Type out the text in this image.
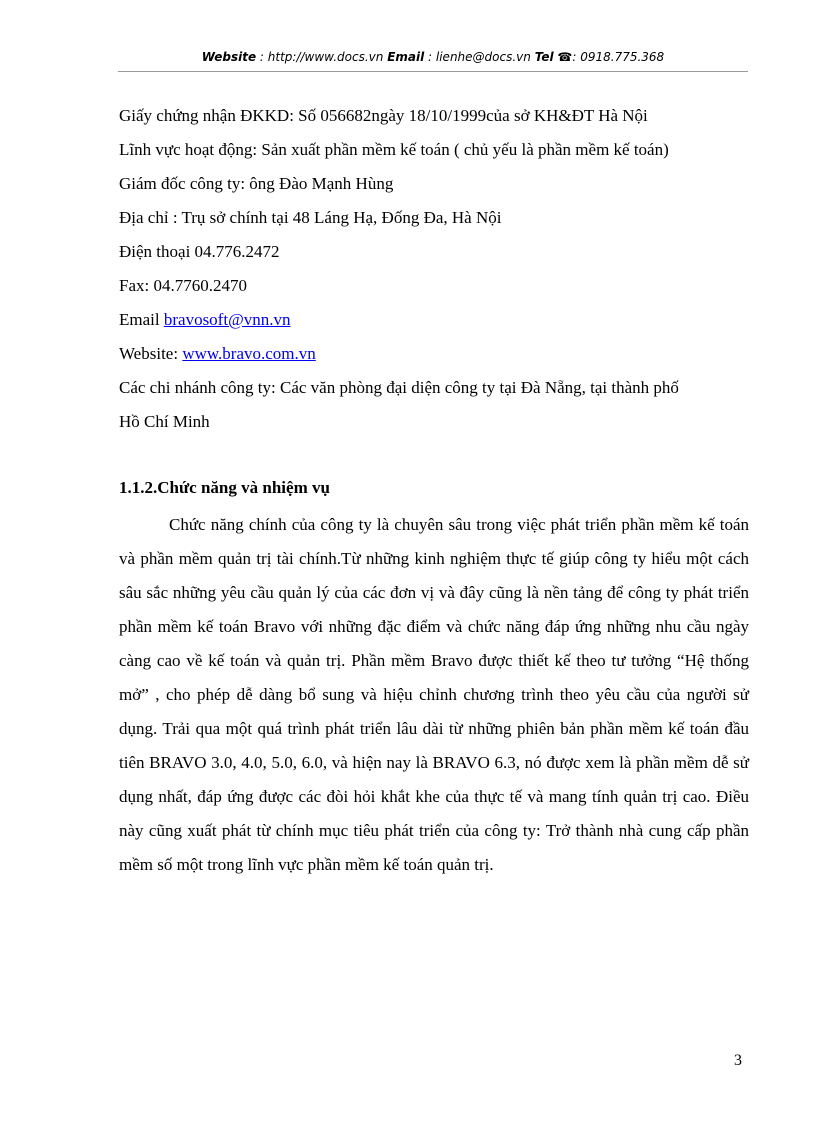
Website : http://www.docs.vn Email : lienhe@docs.vn Tel ☎: 0918.775.368
Giấy chứng nhận ĐKKD: Số 056682ngày 18/10/1999của sở KH&ĐT Hà Nội
Lĩnh vực hoạt động: Sản xuất phần mềm kế toán ( chủ yếu là phần mềm kế toán)
Giám đốc công ty: ông Đào Mạnh Hùng
Địa chỉ : Trụ sở chính tại 48 Láng Hạ, Đống Đa, Hà Nội
Điện thoại 04.776.2472
Fax: 04.7760.2470
Email bravosoft@vnn.vn
Website: www.bravo.com.vn
Các chi nhánh công ty: Các văn phòng đại diện công ty tại Đà Nẵng, tại thành phố
Hồ Chí Minh
1.1.2.Chức năng và nhiệm vụ
Chức năng chính của công ty là chuyên sâu trong việc phát triển phần mềm kế toán và phần mềm quản trị tài chính.Từ những kinh nghiệm thực tế giúp công ty hiểu một cách sâu sắc những yêu cầu quản lý của các đơn vị và đây cũng là nền tảng để công ty phát triển phần mềm kế toán Bravo với những đặc điểm và chức năng đáp ứng những nhu cầu ngày càng cao về kế toán và quản trị. Phần mềm Bravo được thiết kế theo tư tưởng “Hệ thống mở” , cho phép dễ dàng bổ sung và hiệu chỉnh chương trình theo yêu cầu của người sử dụng. Trải qua một quá trình phát triển lâu dài từ những phiên bản phần mềm kế toán đầu tiên BRAVO 3.0, 4.0, 5.0, 6.0, và hiện nay là BRAVO 6.3, nó được xem là phần mềm dễ sử dụng nhất, đáp ứng được các đòi hỏi khắt khe của thực tế và mang tính quản trị cao. Điều này cũng xuất phát từ chính mục tiêu phát triển của công ty: Trở thành nhà cung cấp phần mềm số một trong lĩnh vực phần mềm kế toán quản trị.
3
